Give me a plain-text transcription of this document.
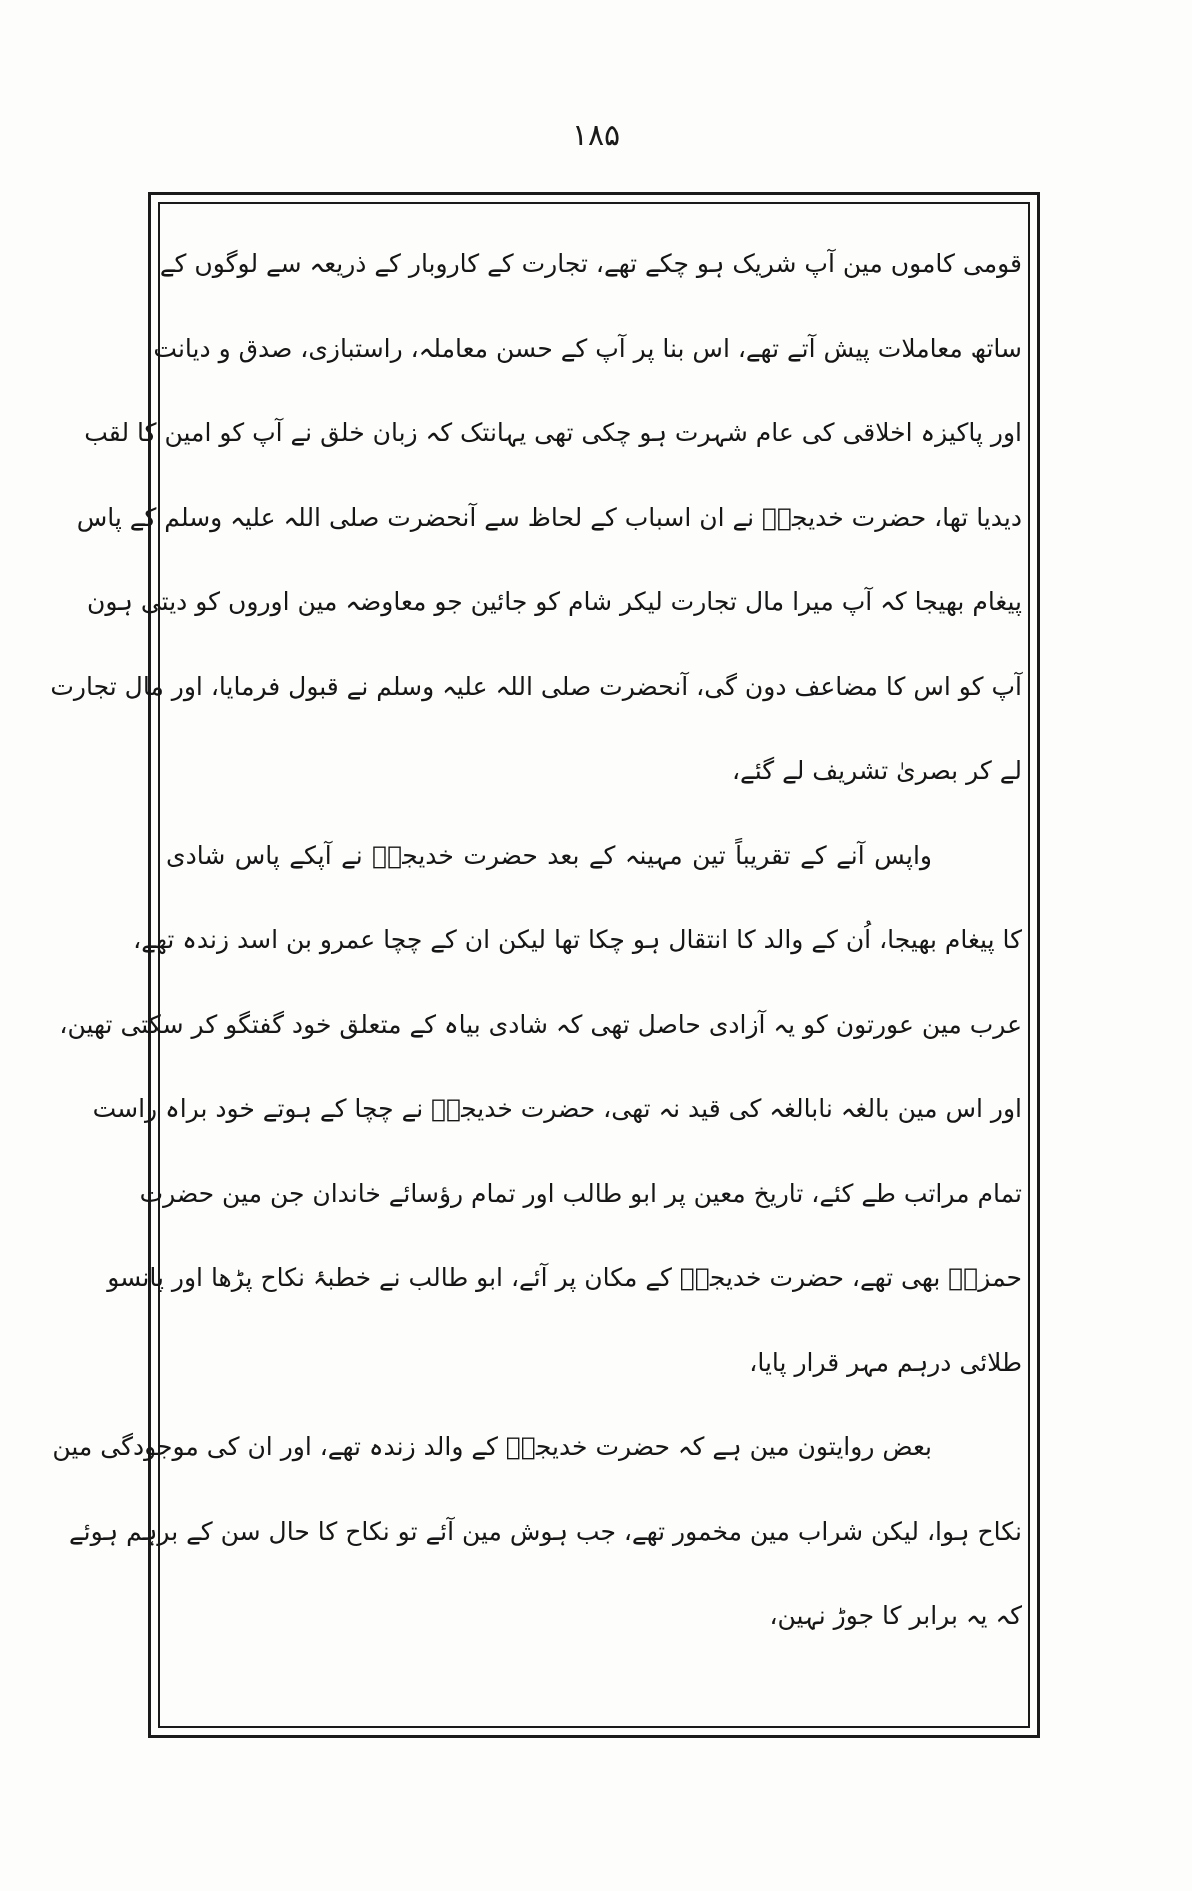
۱۸۵
قومی کاموں مین آپ شریک ہو چکے تھے، تجارت کے کاروبار کے ذریعہ سے لوگوں کے
ساتھ معاملات پیش آتے تھے، اس بنا پر آپ کے حسن معاملہ، راستبازی، صدق و دیانت
اور پاکیزہ اخلاقی کی عام شہرت ہو چکی تھی یہانتک کہ زبان خلق نے آپ کو امین کا لقب
دیدیا تھا، حضرت خدیجہؓ نے ان اسباب کے لحاظ سے آنحضرت صلی اللہ علیہ وسلم کے پاس
پیغام بھیجا کہ آپ میرا مال تجارت لیکر شام کو جائین جو معاوضہ مین اوروں کو دیتی ہون
آپ کو اس کا مضاعف دون گی، آنحضرت صلی اللہ علیہ وسلم نے قبول فرمایا، اور مال تجارت
لے کر بصریٰ تشریف لے گئے،
واپس آنے کے تقریباً تین مہینہ کے بعد حضرت خدیجہؓ نے آپکے پاس شادی
کا پیغام بھیجا، اُن کے والد کا انتقال ہو چکا تھا لیکن ان کے چچا عمرو بن اسد زندہ تھے،
عرب مین عورتون کو یہ آزادی حاصل تھی کہ شادی بیاہ کے متعلق خود گفتگو کر سکتی تھین،
اور اس مین بالغہ نابالغہ کی قید نہ تھی، حضرت خدیجہؓ نے چچا کے ہوتے خود براہ راست
تمام مراتب طے کئے، تاریخ معین پر ابو طالب اور تمام رؤسائے خاندان جن مین حضرت
حمزہؓ بھی تھے، حضرت خدیجہؓ کے مکان پر آئے، ابو طالب نے خطبۂ نکاح پڑھا اور پانسو
طلائی درہم مہر قرار پایا،
بعض روایتون مین ہے کہ حضرت خدیجہؓ کے والد زندہ تھے، اور ان کی موجودگی مین
نکاح ہوا، لیکن شراب مین مخمور تھے، جب ہوش مین آئے تو نکاح کا حال سن کے برہم ہوئے
کہ یہ برابر کا جوڑ نہین،
